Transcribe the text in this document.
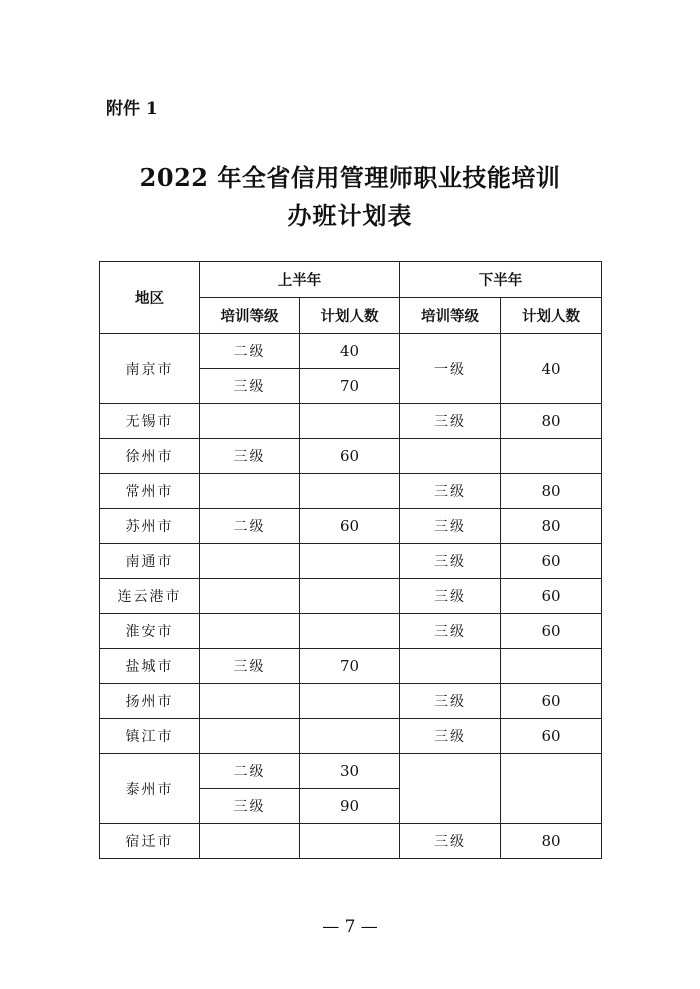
附件 1
2022 年全省信用管理师职业技能培训
办班计划表
地区	上半年		下半年	
	培训等级	计划人数	培训等级	计划人数
南京市	二级	40	一级	40
	三级	70		
无锡市			三级	80
徐州市	三级	60		
常州市			三级	80
苏州市	二级	60	三级	80
南通市			三级	60
连云港市			三级	60
淮安市			三级	60
盐城市	三级	70		
扬州市			三级	60
镇江市			三级	60
泰州市	二级	30		
	三级	90		
宿迁市			三级	80
— 7 —
